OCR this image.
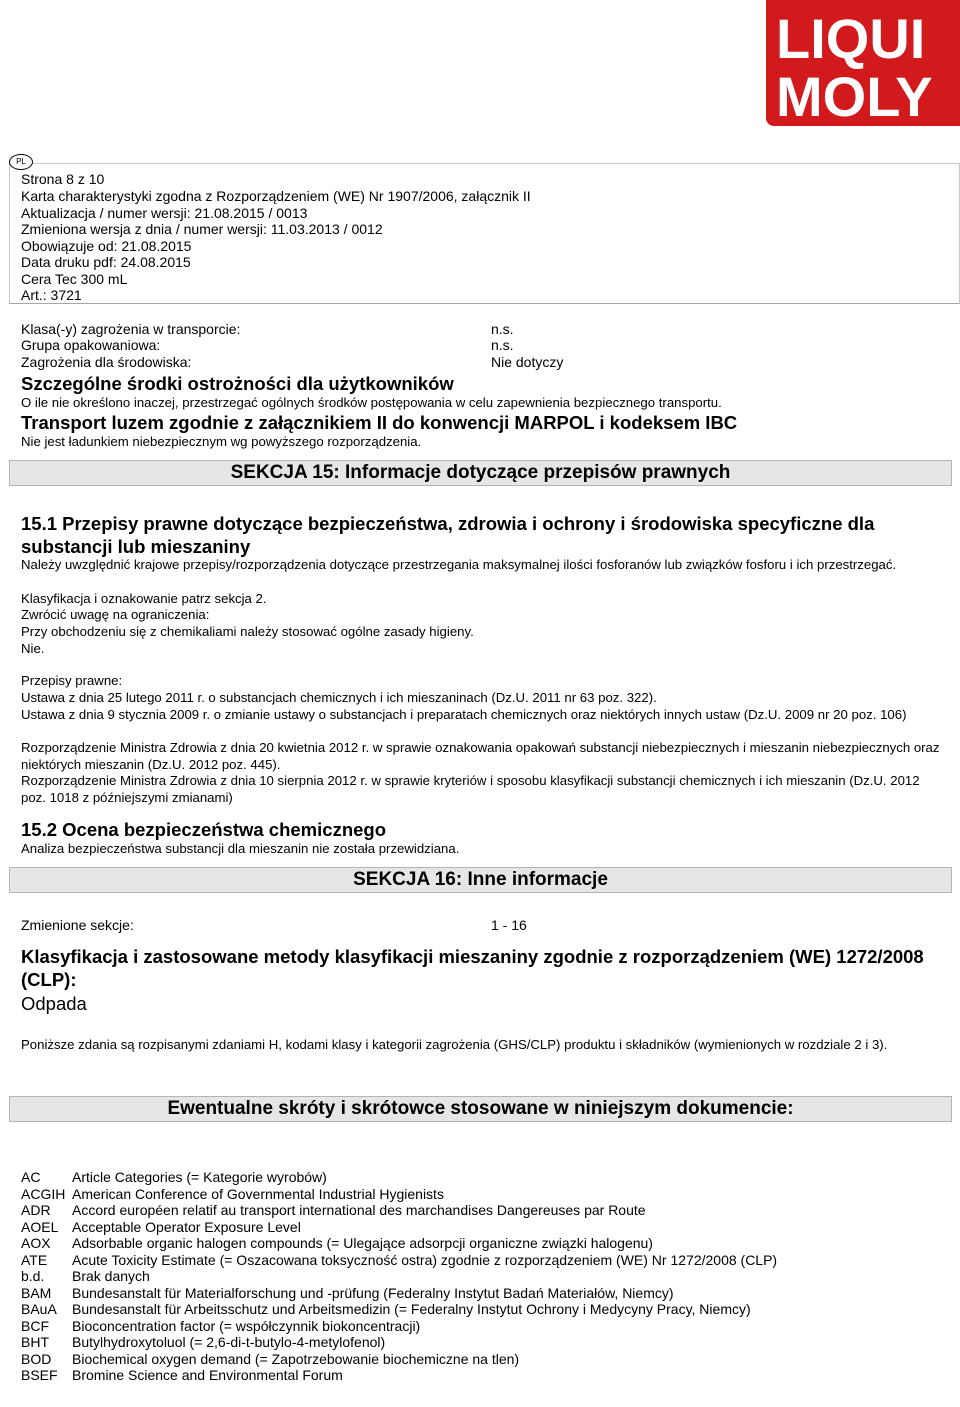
LIQUI
MOLY
PL
Strona 8 z 10
Karta charakterystyki zgodna z Rozporządzeniem (WE) Nr 1907/2006, załącznik II
Aktualizacja / numer wersji: 21.08.2015 / 0013
Zmieniona wersja z dnia / numer wersji: 11.03.2013 / 0012
Obowiązuje od: 21.08.2015
Data druku pdf: 24.08.2015
Cera Tec 300 mL
Art.: 3721
Klasa(-y) zagrożenia w transporcie:	n.s.
Grupa opakowaniowa:	n.s.
Zagrożenia dla środowiska:	Nie dotyczy
Szczególne środki ostrożności dla użytkowników
O ile nie określono inaczej, przestrzegać ogólnych środków postępowania w celu zapewnienia bezpiecznego transportu.
Transport luzem zgodnie z załącznikiem II do konwencji MARPOL i kodeksem IBC
Nie jest ładunkiem niebezpiecznym wg powyższego rozporządzenia.
SEKCJA 15: Informacje dotyczące przepisów prawnych
15.1 Przepisy prawne dotyczące bezpieczeństwa, zdrowia i ochrony i środowiska specyficzne dla substancji lub mieszaniny
Należy uwzględnić krajowe przepisy/rozporządzenia dotyczące przestrzegania maksymalnej ilości fosforanów lub związków fosforu i ich przestrzegać.
Klasyfikacja i oznakowanie patrz sekcja 2.
Zwrócić uwagę na ograniczenia:
Przy obchodzeniu się z chemikaliami należy stosować ogólne zasady higieny.
Nie.
Przepisy prawne:
Ustawa z dnia 25 lutego 2011 r. o substancjach chemicznych i ich mieszaninach (Dz.U. 2011 nr 63 poz. 322).
Ustawa z dnia 9 stycznia 2009 r. o zmianie ustawy o substancjach i preparatach chemicznych oraz niektórych innych ustaw (Dz.U. 2009 nr 20 poz. 106)
Rozporządzenie Ministra Zdrowia z dnia 20 kwietnia 2012 r. w sprawie oznakowania opakowań substancji niebezpiecznych i mieszanin niebezpiecznych oraz niektórych mieszanin (Dz.U. 2012 poz. 445).
Rozporządzenie Ministra Zdrowia z dnia 10 sierpnia 2012 r. w sprawie kryteriów i sposobu klasyfikacji substancji chemicznych i ich mieszanin (Dz.U. 2012 poz. 1018 z późniejszymi zmianami)
15.2 Ocena bezpieczeństwa chemicznego
Analiza bezpieczeństwa substancji dla mieszanin nie została przewidziana.
SEKCJA 16: Inne informacje
Zmienione sekcje:	1 - 16
Klasyfikacja i zastosowane metody klasyfikacji mieszaniny zgodnie z rozporządzeniem (WE) 1272/2008 (CLP):
Odpada
Poniższe zdania są rozpisanymi zdaniami H, kodami klasy i kategorii zagrożenia (GHS/CLP) produktu i składników (wymienionych w rozdziale 2 i 3).
Ewentualne skróty i skrótowce stosowane w niniejszym dokumencie:
AC Article Categories (= Kategorie wyrobów)
ACGIH American Conference of Governmental Industrial Hygienists
ADR Accord européen relatif au transport international des marchandises Dangereuses par Route
AOEL Acceptable Operator Exposure Level
AOX Adsorbable organic halogen compounds (= Ulegające adsorpcji organiczne związki halogenu)
ATE Acute Toxicity Estimate (= Oszacowana toksyczność ostra) zgodnie z rozporządzeniem (WE) Nr 1272/2008 (CLP)
b.d. Brak danych
BAM Bundesanstalt für Materialforschung und -prüfung (Federalny Instytut Badań Materiałów, Niemcy)
BAuA Bundesanstalt für Arbeitsschutz und Arbeitsmedizin (= Federalny Instytut Ochrony i Medycyny Pracy, Niemcy)
BCF Bioconcentration factor (= współczynnik biokoncentracji)
BHT Butylhydroxytoluol (= 2,6-di-t-butylo-4-metylofenol)
BOD Biochemical oxygen demand (= Zapotrzebowanie biochemiczne na tlen)
BSEF Bromine Science and Environmental Forum
